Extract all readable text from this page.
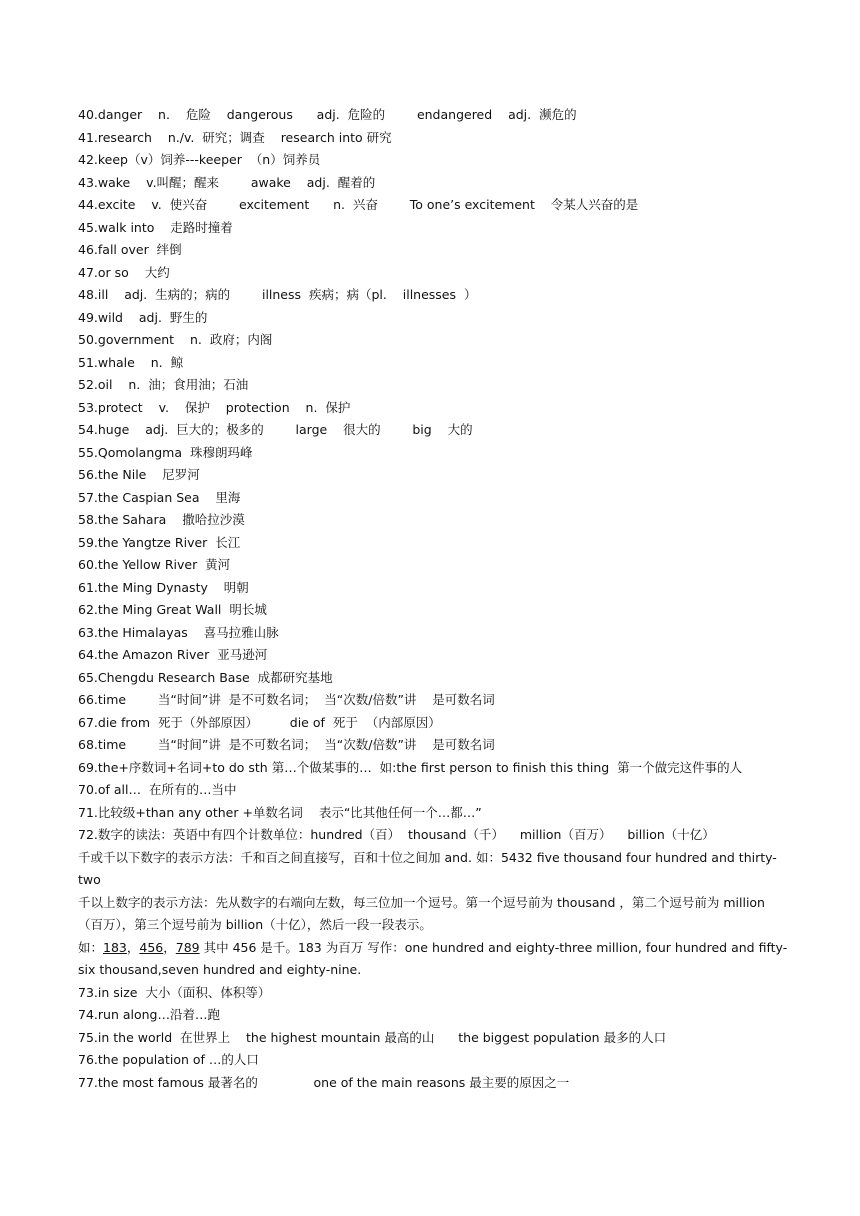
40.danger    n.    危险    dangerous      adj.  危险的        endangered    adj.  濒危的
41.research    n./v.  研究；调查    research into 研究
42.keep（v）饲养---keeper  （n）饲养员
43.wake    v.叫醒；醒来        awake    adj.  醒着的
44.excite    v.  使兴奋        excitement      n.  兴奋        To one’s excitement    令某人兴奋的是
45.walk into    走路时撞着
46.fall over  绊倒
47.or so    大约
48.ill    adj.  生病的；病的        illness  疾病；病（pl.    illnesses  ）
49.wild    adj.  野生的
50.government    n.  政府；内阁
51.whale    n.  鲸
52.oil    n.  油；食用油；石油
53.protect    v.    保护    protection    n.  保护
54.huge    adj.  巨大的；极多的        large    很大的        big    大的
55.Qomolangma  珠穆朗玛峰
56.the Nile    尼罗河
57.the Caspian Sea    里海
58.the Sahara    撒哈拉沙漠
59.the Yangtze River  长江
60.the Yellow River  黄河
61.the Ming Dynasty    明朝
62.the Ming Great Wall  明长城
63.the Himalayas    喜马拉雅山脉
64.the Amazon River  亚马逊河
65.Chengdu Research Base  成都研究基地
66.time        当“时间”讲  是不可数名词；  当“次数/倍数”讲    是可数名词
67.die from  死于（外部原因）        die of  死于  （内部原因）
68.time        当“时间”讲  是不可数名词；  当“次数/倍数”讲    是可数名词
69.the+序数词+名词+to do sth 第…个做某事的…  如:the first person to finish this thing  第一个做完这件事的人
70.of all…  在所有的…当中
71.比较级+than any other +单数名词    表示“比其他任何一个…都…”
72.数字的读法：英语中有四个计数单位：hundred（百）  thousand（千）    million（百万）    billion（十亿）
千或千以下数字的表示方法：千和百之间直接写，百和十位之间加 and. 如：5432 five thousand four hundred and thirty-two
千以上数字的表示方法：先从数字的右端向左数，每三位加一个逗号。第一个逗号前为 thousand ，第二个逗号前为 million（百万），第三个逗号前为 billion（十亿），然后一段一段表示。
如：183，456，789 其中 456 是千。183 为百万 写作：one hundred and eighty-three million, four hundred and fifty-six thousand,seven hundred and eighty-nine.
73.in size  大小（面积、体积等）
74.run along…沿着…跑
75.in the world  在世界上    the highest mountain 最高的山      the biggest population 最多的人口
76.the population of …的人口
77.the most famous 最著名的              one of the main reasons 最主要的原因之一
